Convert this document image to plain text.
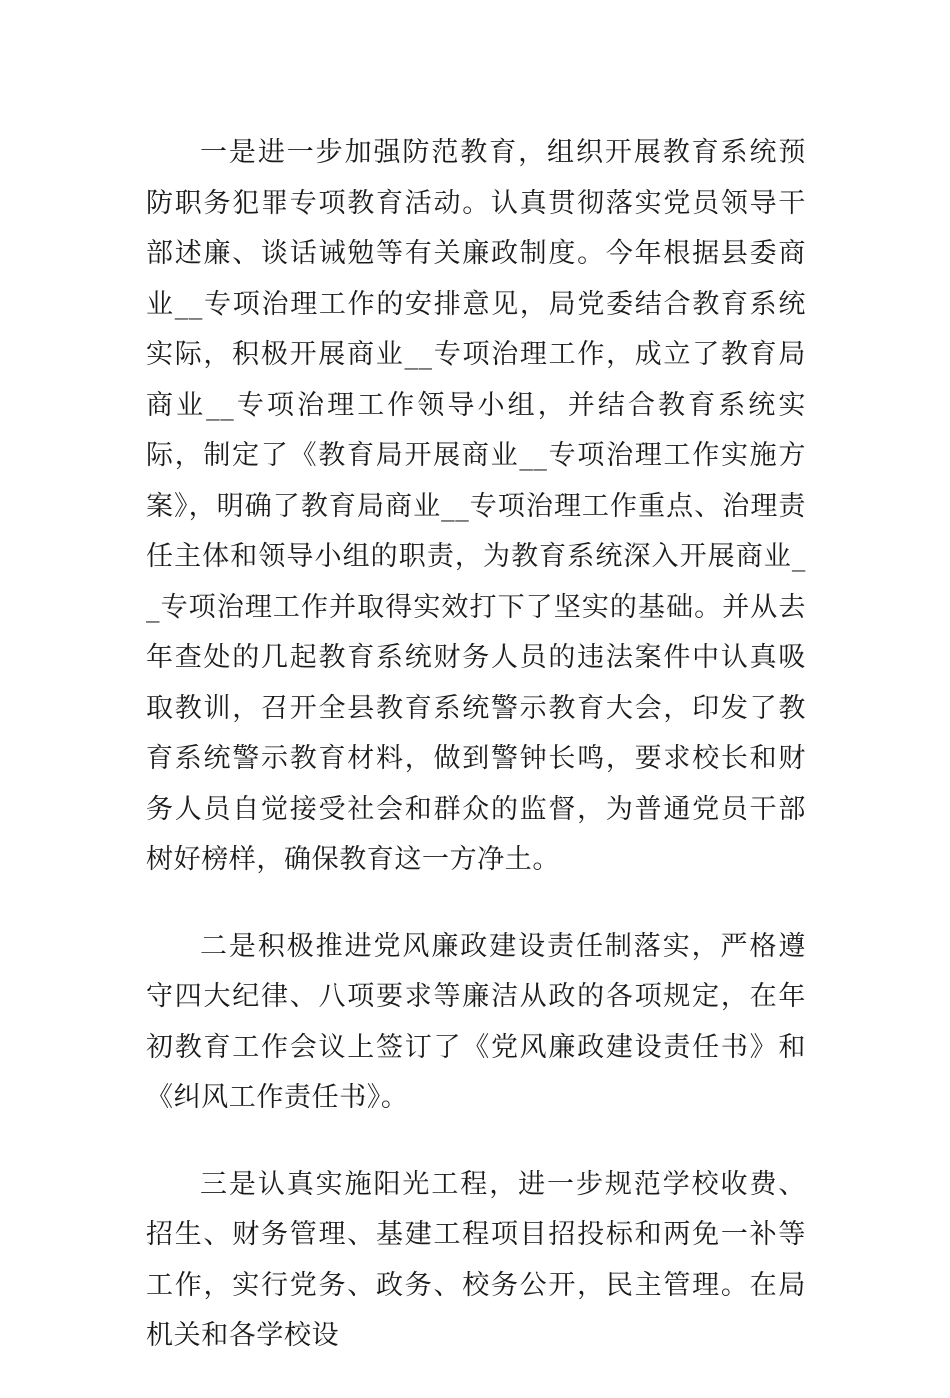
一是进一步加强防范教育，组织开展教育系统预防职务犯罪专项教育活动。认真贯彻落实党员领导干部述廉、谈话诫勉等有关廉政制度。今年根据县委商业__专项治理工作的安排意见，局党委结合教育系统实际，积极开展商业__专项治理工作，成立了教育局商业__专项治理工作领导小组，并结合教育系统实际，制定了《教育局开展商业__专项治理工作实施方案》，明确了教育局商业__专项治理工作重点、治理责任主体和领导小组的职责，为教育系统深入开展商业__专项治理工作并取得实效打下了坚实的基础。并从去年查处的几起教育系统财务人员的违法案件中认真吸取教训，召开全县教育系统警示教育大会，印发了教育系统警示教育材料，做到警钟长鸣，要求校长和财务人员自觉接受社会和群众的监督，为普通党员干部树好榜样，确保教育这一方净土。

二是积极推进党风廉政建设责任制落实，严格遵守四大纪律、八项要求等廉洁从政的各项规定，在年初教育工作会议上签订了《党风廉政建设责任书》和《纠风工作责任书》。

三是认真实施阳光工程，进一步规范学校收费、招生、财务管理、基建工程项目招投标和两免一补等工作，实行党务、政务、校务公开，民主管理。在局机关和各学校设
